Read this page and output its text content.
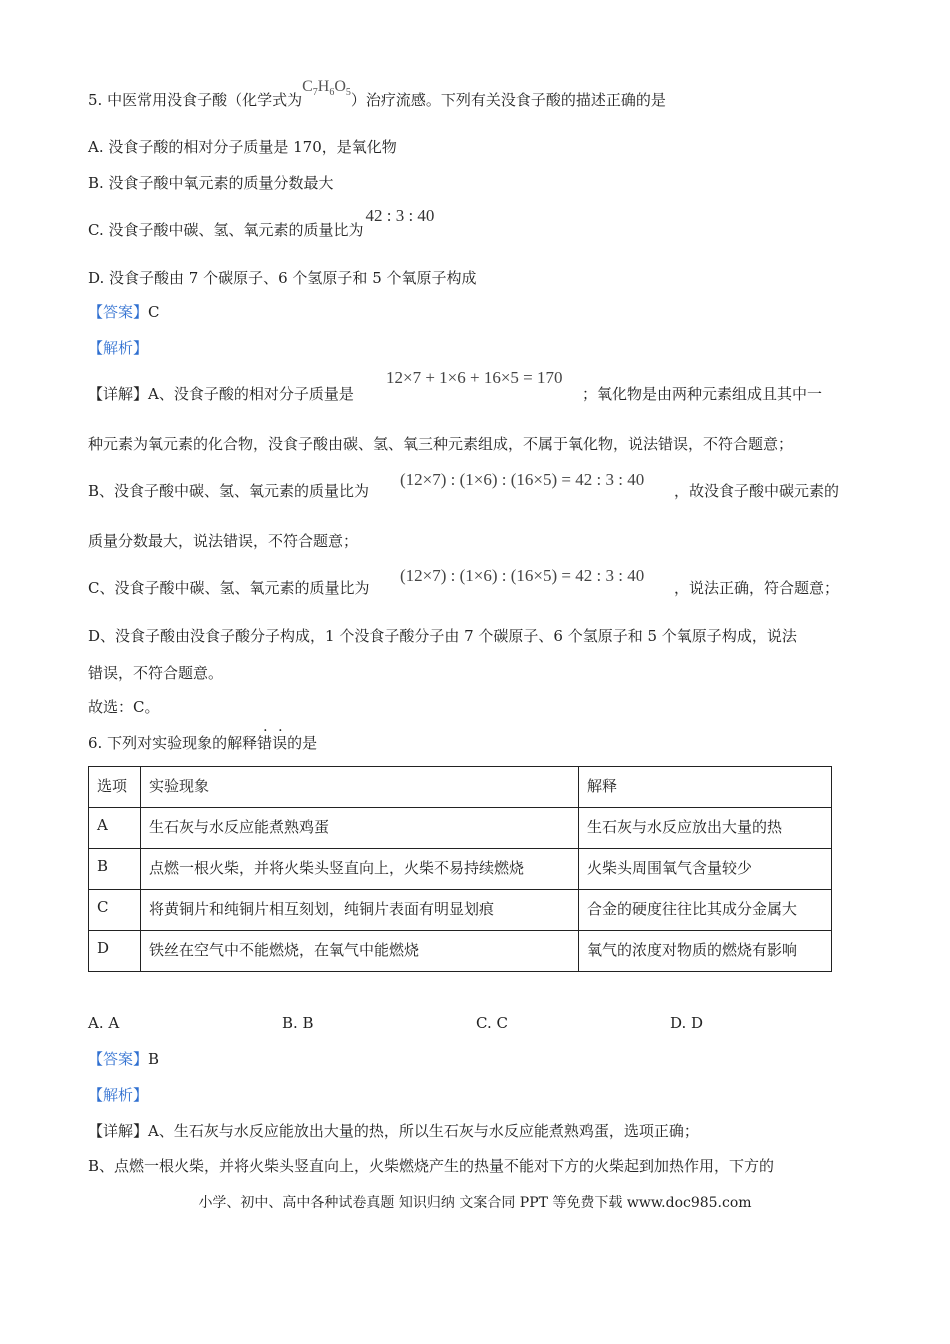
5. 中医常用没食子酸（化学式为$C_7H_6O_5$）治疗流感。下列有关没食子酸的描述正确的是
A. 没食子酸的相对分子质量是 170，是氧化物
B. 没食子酸中氧元素的质量分数最大
C. 没食子酸中碳、氢、氧元素的质量比为42 : 3 : 40
D. 没食子酸由 7 个碳原子、6 个氢原子和 5 个氧原子构成
【答案】C
【解析】
【详解】A、没食子酸的相对分子质量是
12×7 + 1×6 + 16×5 = 170
；氧化物是由两种元素组成且其中一
种元素为氧元素的化合物，没食子酸由碳、氢、氧三种元素组成，不属于氧化物，说法错误，不符合题意；
B、没食子酸中碳、氢、氧元素的质量比为
(12×7) : (1×6) : (16×5) = 42 : 3 : 40
，故没食子酸中碳元素的
质量分数最大，说法错误，不符合题意；
C、没食子酸中碳、氢、氧元素的质量比为
(12×7) : (1×6) : (16×5) = 42 : 3 : 40
，说法正确，符合题意；
D、没食子酸由没食子酸分子构成，1 个没食子酸分子由 7 个碳原子、6 个氢原子和 5 个氧原子构成，说法
错误，不符合题意。
故选：C。
6. 下列对实验现象的解释错误的是
选项	实验现象	解释
A	生石灰与水反应能煮熟鸡蛋	生石灰与水反应放出大量的热
B	点燃一根火柴，并将火柴头竖直向上，火柴不易持续燃烧	火柴头周围氧气含量较少
C	将黄铜片和纯铜片相互刻划，纯铜片表面有明显划痕	合金的硬度往往比其成分金属大
D	铁丝在空气中不能燃烧，在氧气中能燃烧	氧气的浓度对物质的燃烧有影响
A. A	B. B	C. C	D. D
【答案】B
【解析】
【详解】A、生石灰与水反应能放出大量的热，所以生石灰与水反应能煮熟鸡蛋，选项正确；
B、点燃一根火柴，并将火柴头竖直向上，火柴燃烧产生的热量不能对下方的火柴起到加热作用，下方的
小学、初中、高中各种试卷真题 知识归纳 文案合同 PPT 等免费下载 www.doc985.com
